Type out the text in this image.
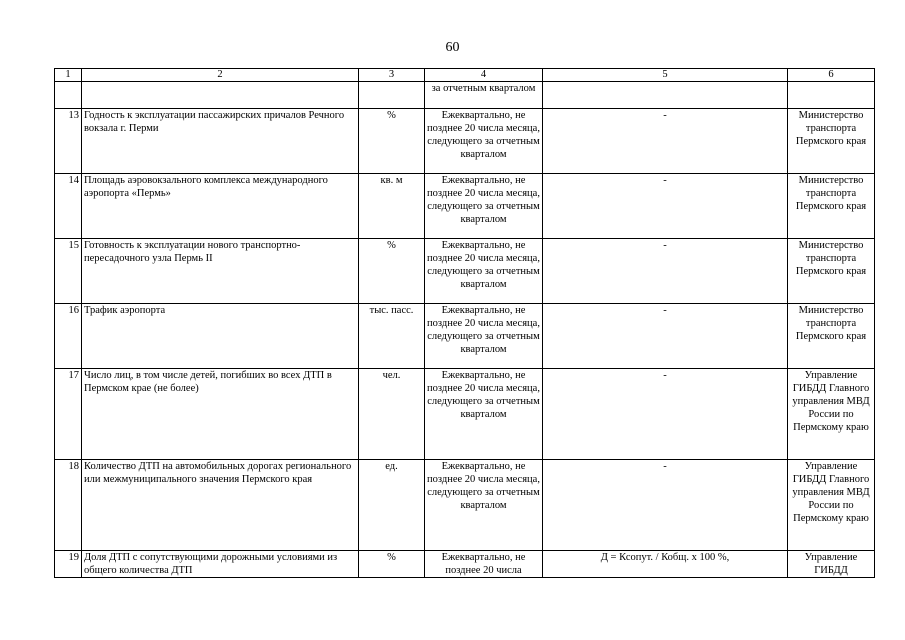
60
1	2	3	4	5	6
			за отчетным кварталом		
13	Годность к эксплуатации пассажирских причалов Речного вокзала г. Перми	%	Ежеквартально, не позднее 20 числа месяца, следующего за отчетным кварталом	-	Министерство транспорта Пермского края
14	Площадь аэровокзального комплекса международного аэропорта «Пермь»	кв. м	Ежеквартально, не позднее 20 числа месяца, следующего за отчетным кварталом	-	Министерство транспорта Пермского края
15	Готовность к эксплуатации нового транспортно-пересадочного узла Пермь II	%	Ежеквартально, не позднее 20 числа месяца, следующего за отчетным кварталом	-	Министерство транспорта Пермского края
16	Трафик аэропорта	тыс. пасс.	Ежеквартально, не позднее 20 числа месяца, следующего за отчетным кварталом	-	Министерство транспорта Пермского края
17	Число лиц, в том числе детей, погибших во всех ДТП в Пермском крае (не более)	чел.	Ежеквартально, не позднее 20 числа месяца, следующего за отчетным кварталом	-	Управление ГИБДД Главного управления МВД России по Пермскому краю
18	Количество ДТП на автомобильных дорогах регионального или межмуниципального значения Пермского края	ед.	Ежеквартально, не позднее 20 числа месяца, следующего за отчетным кварталом	-	Управление ГИБДД Главного управления МВД России по Пермскому краю
19	Доля ДТП с сопутствующими дорожными условиями из общего количества ДТП	%	Ежеквартально, не позднее 20 числа	Д = Ксопут. / Кобщ. х 100 %,	Управление ГИБДД
